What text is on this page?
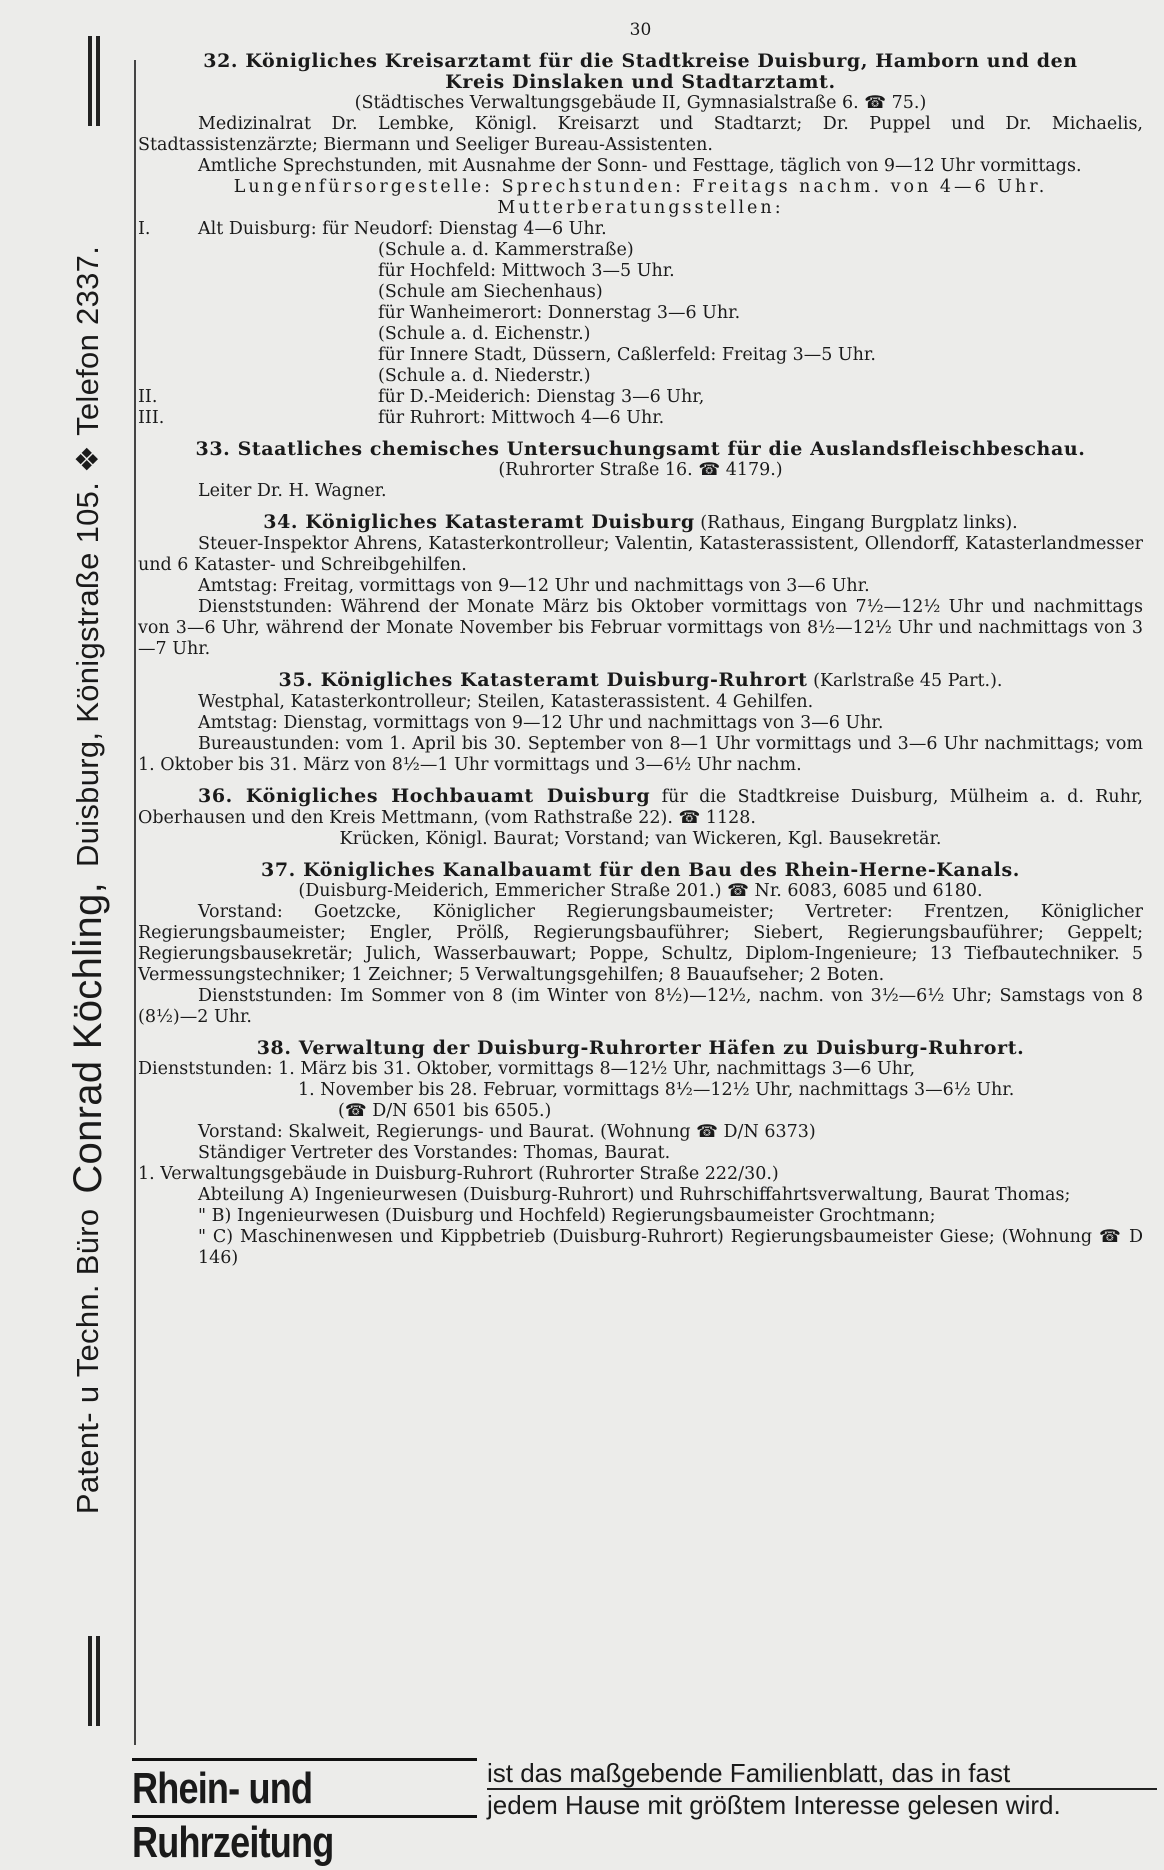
Patent- u Techn. Büro

Conrad Köchling,

Duisburg, Königstraße 105.

❖

Telefon 2337.
30
32. Königliches Kreisarztamt für die Stadtkreise Duisburg, Hamborn und den
Kreis Dinslaken und Stadtarztamt.
(Städtisches Verwaltungsgebäude II, Gymnasialstraße 6. ☎ 75.)

Medizinalrat Dr. Lembke, Königl. Kreisarzt und Stadtarzt; Dr. Puppel und Dr. Michaelis, Stadtassistenzärzte; Biermann und Seeliger Bureau-Assistenten.

Amtliche Sprechstunden, mit Ausnahme der Sonn- und Festtage, täglich von 9—12 Uhr vormittags.

Lungenfürsorgestelle: Sprechstunden: Freitags nachm. von 4—6 Uhr.
Mutterberatungsstellen:
I.	Alt Duisburg: für Neudorf: Dienstag 4—6 Uhr.
(Schule a. d. Kammerstraße)
für Hochfeld: Mittwoch 3—5 Uhr.
(Schule am Siechenhaus)
für Wanheimerort: Donnerstag 3—6 Uhr.
(Schule a. d. Eichenstr.)
für Innere Stadt, Düssern, Caßlerfeld: Freitag 3—5 Uhr.
(Schule a. d. Niederstr.)
II.	für D.-Meiderich: Dienstag 3—6 Uhr,
III.	für Ruhrort: Mittwoch 4—6 Uhr.
33. Staatliches chemisches Untersuchungsamt für die Auslandsfleischbeschau.
(Ruhrorter Straße 16. ☎ 4179.)
Leiter Dr. H. Wagner.
34. Königliches Katasteramt Duisburg (Rathaus, Eingang Burgplatz links).

Steuer-Inspektor Ahrens, Katasterkontrolleur; Valentin, Katasterassistent, Ollendorff, Katasterlandmesser und 6 Kataster- und Schreibgehilfen.

Amtstag: Freitag, vormittags von 9—12 Uhr und nachmittags von 3—6 Uhr.

Dienststunden: Während der Monate März bis Oktober vormittags von 7½—12½ Uhr und nachmittags von 3—6 Uhr, während der Monate November bis Februar vormittags von 8½—12½ Uhr und nachmittags von 3—7 Uhr.

35. Königliches Katasteramt Duisburg-Ruhrort (Karlstraße 45 Part.).

Westphal, Katasterkontrolleur; Steilen, Katasterassistent. 4 Gehilfen.

Amtstag: Dienstag, vormittags von 9—12 Uhr und nachmittags von 3—6 Uhr.

Bureaustunden: vom 1. April bis 30. September von 8—1 Uhr vormittags und 3—6 Uhr nachmittags; vom 1. Oktober bis 31. März von 8½—1 Uhr vormittags und 3—6½ Uhr nachm.

36. Königliches Hochbauamt Duisburg für die Stadtkreise Duisburg, Mülheim a. d. Ruhr, Oberhausen und den Kreis Mettmann, (vom Rathstraße 22). ☎ 1128.

Krücken, Königl. Baurat; Vorstand; van Wickeren, Kgl. Bausekretär.
37. Königliches Kanalbauamt für den Bau des Rhein-Herne-Kanals.
(Duisburg-Meiderich, Emmericher Straße 201.) ☎ Nr. 6083, 6085 und 6180.

Vorstand: Goetzcke, Königlicher Regierungsbaumeister; Vertreter: Frentzen, Königlicher Regierungsbaumeister; Engler, Prölß, Regierungsbauführer; Siebert, Regierungsbauführer; Geppelt; Regierungsbausekretär; Julich, Wasserbauwart; Poppe, Schultz, Diplom-Ingenieure; 13 Tiefbautechniker. 5 Vermessungstechniker; 1 Zeichner; 5 Verwaltungsgehilfen; 8 Bauaufseher; 2 Boten.

Dienststunden: Im Sommer von 8 (im Winter von 8½)—12½, nachm. von 3½—6½ Uhr; Samstags von 8 (8½)—2 Uhr.

38. Verwaltung der Duisburg-Ruhrorter Häfen zu Duisburg-Ruhrort.
Dienststunden: 1. März bis 31. Oktober, vormittags 8—12½ Uhr, nachmittags 3—6 Uhr,
1. November bis 28. Februar, vormittags 8½—12½ Uhr, nachmittags 3—6½ Uhr.
( ☎ D/N 6501 bis 6505.)
Vorstand: Skalweit, Regierungs- und Baurat. (Wohnung ☎ D/N 6373)
Ständiger Vertreter des Vorstandes: Thomas, Baurat.
1. Verwaltungsgebäude in Duisburg-Ruhrort (Ruhrorter Straße 222/30.)

Abteilung A) Ingenieurwesen (Duisburg-Ruhrort) und Ruhrschiffahrtsverwaltung, Baurat Thomas;

" B) Ingenieurwesen (Duisburg und Hochfeld) Regierungsbaumeister Grochtmann;

" C) Maschinenwesen und Kippbetrieb (Duisburg-Ruhrort) Regierungsbaumeister Giese; (Wohnung ☎ D 146)

Rhein- und Ruhrzeitung
ist das maßgebende Familienblatt, das in fast
jedem Hause mit größtem Interesse gelesen wird.
